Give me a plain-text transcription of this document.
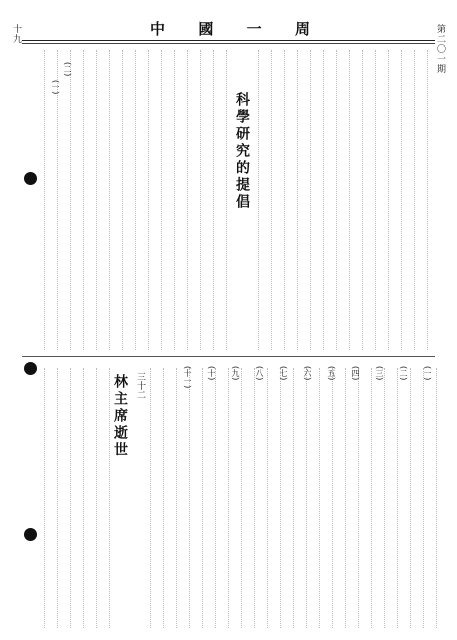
中 國 一 周	第二〇一期
十九
科學研究的提倡
(一)
(二)
林主席逝世 三十二	(一)
(二)
(三)
(四)
(五)
(六)
(七)
(八)
(九)
(十)
(十一)
